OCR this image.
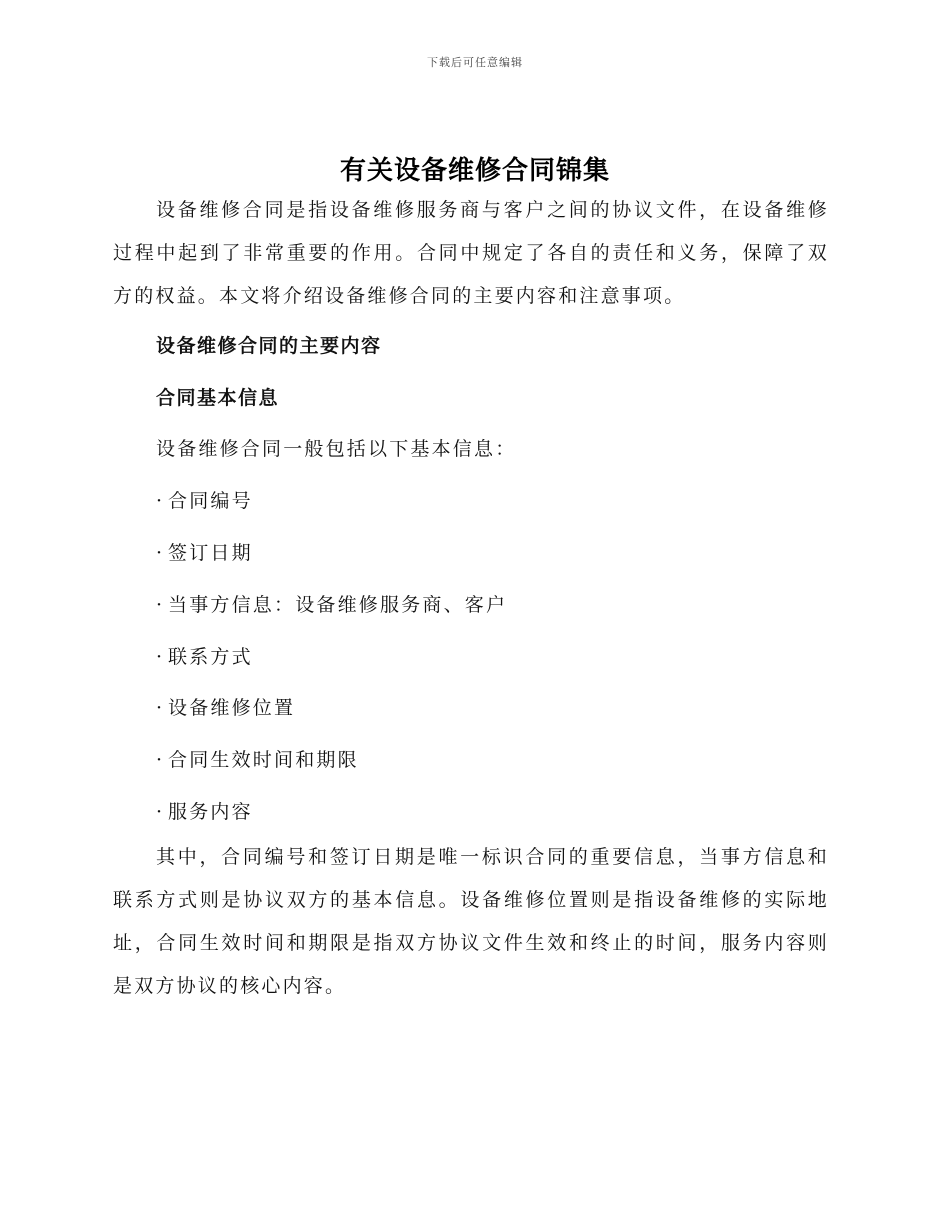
下载后可任意编辑
有关设备维修合同锦集

设备维修合同是指设备维修服务商与客户之间的协议文件，在设备维修过程中起到了非常重要的作用。合同中规定了各自的责任和义务，保障了双方的权益。本文将介绍设备维修合同的主要内容和注意事项。

设备维修合同的主要内容

合同基本信息

设备维修合同一般包括以下基本信息：

· 合同编号

· 签订日期

· 当事方信息：设备维修服务商、客户

· 联系方式

· 设备维修位置

· 合同生效时间和期限

· 服务内容

其中，合同编号和签订日期是唯一标识合同的重要信息，当事方信息和联系方式则是协议双方的基本信息。设备维修位置则是指设备维修的实际地址，合同生效时间和期限是指双方协议文件生效和终止的时间，服务内容则是双方协议的核心内容。
